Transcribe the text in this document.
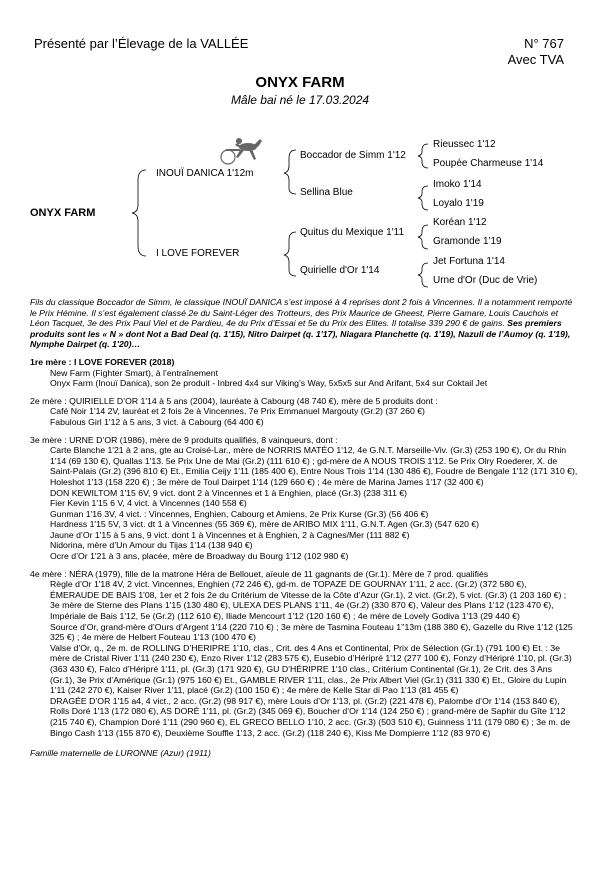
Présenté par l’Élevage de la VALLÉE	N° 767
Avec TVA
ONYX FARM
Mâle bai né le 17.03.2024
ONYX FARM
INOUÏ DANICA 1'12m
I LOVE FOREVER
Boccador de Simm 1'12
Sellina Blue
Quitus du Mexique 1'11
Quirielle d'Or 1'14
Rieussec 1'12
Poupée Charmeuse 1'14
Imoko 1'14
Loyalo 1'19
Koréan 1'12
Gramonde 1'19
Jet Fortuna 1'14
Urne d'Or (Duc de Vrie)

Fils du classique Boccador de Simm, le classique INOUÏ DANICA s’est imposé à 4 reprises dont 2 fois à Vincennes. Il a notamment remporté le Prix Hémine. Il s’est également classé 2e du Saint-Léger des Trotteurs, des Prix Maurice de Gheest, Pierre Gamare, Louis Cauchois et Léon Tacquet, 3e des Prix Paul Viel et de Pardieu, 4e du Prix d’Essai et 5e du Prix des Elites. Il totalise 339 290 € de gains. Ses premiers produits sont les « N » dont Not a Bad Deal (q. 1'15), Nitro Dairpet (q. 1'17), Niagara Planchette (q. 1'19), Nazuli de l’Aumoy (q. 1'19), Nymphe Dairpet (q. 1'20)…

1re mère : I LOVE FOREVER (2018)

New Farm (Fighter Smart), à l’entraînement

Onyx Farm (Inouï Danica), son 2e produit - Inbred 4x4 sur Viking’s Way, 5x5x5 sur And Arifant, 5x4 sur Coktail Jet

2e mère : QUIRIELLE D’OR 1'14 à 5 ans (2004), lauréate à Cabourg (48 740 €), mère de 5 produits dont :

Café Noir 1'14 2V, lauréat et 2 fois 2e à Vincennes, 7e Prix Emmanuel Margouty (Gr.2) (37 260 €)

Fabulous Girl 1'12 à 5 ans, 3 vict. à Cabourg (64 400 €)

3e mère : URNE D’OR (1986), mère de 9 produits qualifiés, 8 vainqueurs, dont :

Carte Blanche 1'21 à 2 ans, gte au Croisé-Lar., mère de NORRIS MATÉO 1'12, 4e G.N.T. Marseille-Viv. (Gr.3) (253 190 €), Or du Rhin 1'14 (69 130 €), Quallas 1'13. 5e Prix Une de Mai (Gr.2) (111 610 €) ; gd-mère de A NOUS TROIS 1'12. 5e Prix Olry Roederer, X. de Saint-Palais (Gr.2) (396 810 €) Et., Emilia Ceijy 1'11 (185 400 €), Entre Nous Trois 1'14 (130 486 €), Foudre de Bengale 1'12 (171 310 €), Holeshot 1'13 (158 220 €) ; 3e mère de Toul Dairpet 1'14 (129 660 €) ; 4e mère de Marina James 1'17 (32 400 €)

DON KEWILTOM 1'15 6V, 9 vict. dont 2 à Vincennes et 1 à Enghien, placé (Gr.3) (238 311 €)

Fier Kevin 1'15 6 V, 4 vict. à Vincennes (140 558 €)

Gunman 1'16 3V, 4 vict. : Vincennes, Enghien, Cabourg et Amiens, 2e Prix Kurse (Gr.3) (56 406 €)

Hardness 1'15 5V, 3 vict. dt 1 à Vincennes (55 369 €), mère de ARIBO MIX 1'11, G.N.T. Agen (Gr.3) (547 620 €)

Jaune d’Or 1'15 à 5 ans, 9 vict. dont 1 à Vincennes et à Enghien, 2 à Cagnes/Mer (111 882 €)

Nidorina, mère d’Un Amour du Tijas 1'14 (138 940 €)

Ocre d’Or 1'21 à 3 ans, placée, mère de Broadway du Bourg 1'12 (102 980 €)

4e mère : NÉRA (1979), fille de la matrone Héra de Bellouet, aïeule de 11 gagnants de (Gr.1). Mère de 7 prod. qualifiés

Règle d’Or 1'18 4V, 2 vict. Vincennes, Enghien (72 246 €), gd-m. de TOPAZE DE GOURNAY 1'11, 2 acc. (Gr.2) (372 580 €), ÉMERAUDE DE BAIS 1'08, 1er et 2 fois 2e du Critérium de Vitesse de la Côte d’Azur (Gr.1), 2 vict. (Gr.2), 5 vict. (Gr.3) (1 203 160 €) ; 3e mère de Sterne des Plans 1'15 (130 480 €), ULEXA DES PLANS 1'11, 4e (Gr.2) (330 870 €), Valeur des Plans 1'12 (123 470 €), Impériale de Bais 1'12, 5e (Gr.2) (112 610 €), Iliade Mencourt 1'12 (120 160 €) ; 4e mère de Lovely Godiva 1'13 (29 440 €)

Source d’Or, grand-mère d’Ours d’Argent 1'14 (220 710 €) ; 3e mère de Tasmina Fouteau 1''13m (188 380 €), Gazelle du Rive 1'12 (125 325 €) ; 4e mère de Helbert Fouteau 1'13 (100 470 €)

Valse d’Or, q., 2e m. de ROLLING D’HERIPRE 1'10, clas., Crit. des 4 Ans et Continental, Prix de Sélection (Gr.1) (791 100 €) Et. : 3e mère de Cristal River 1'11 (240 230 €), Enzo River 1'12 (283 575 €), Eusebio d’Héripré 1'12 (277 100 €), Fonzy d’Héripré 1'10, pl. (Gr.3) (363 430 €), Falco d’Héripré 1'11, pl. (Gr.3) (171 920 €), GU D’HÉRIPRE 1'10 clas., Critérium Continental (Gr.1), 2e Crit. des 3 Ans (Gr.1), 3e Prix d’Amérique (Gr.1) (975 160 €) Et., GAMBLE RIVER 1'11, clas., 2e Prix Albert Viel (Gr.1) (311 330 €) Et., Gloire du Lupin 1'11 (242 270 €), Kaiser River 1'11, placé (Gr.2) (100 150 €) ; 4e mère de Kelle Star di Pao 1'13 (81 455 €)

DRAGÉE D’OR 1'15 a4, 4 vict., 2 acc. (Gr.2) (98 917 €), mère Louis d’Or 1'13, pl. (Gr.2) (221 478 €), Palombe d’Or 1'14 (153 840 €), Rolls Doré 1'13 (172 080 €), AS DORÉ 1'11, pl. (Gr.2) (345 069 €), Boucher d’Or 1'14 (124 250 €) ; grand-mère de Saphir du Gîte 1'12 (215 740 €), Champion Doré 1'11 (290 960 €), EL GRECO BELLO 1'10, 2 acc. (Gr.3) (503 510 €), Guinness 1'11 (179 080 €) ; 3e m. de Bingo Cash 1'13 (155 870 €), Deuxième Souffle 1'13, 2 acc. (Gr.2) (118 240 €), Kiss Me Dompierre 1'12 (83 970 €)

Famille maternelle de LURONNE (Azur) (1911)
